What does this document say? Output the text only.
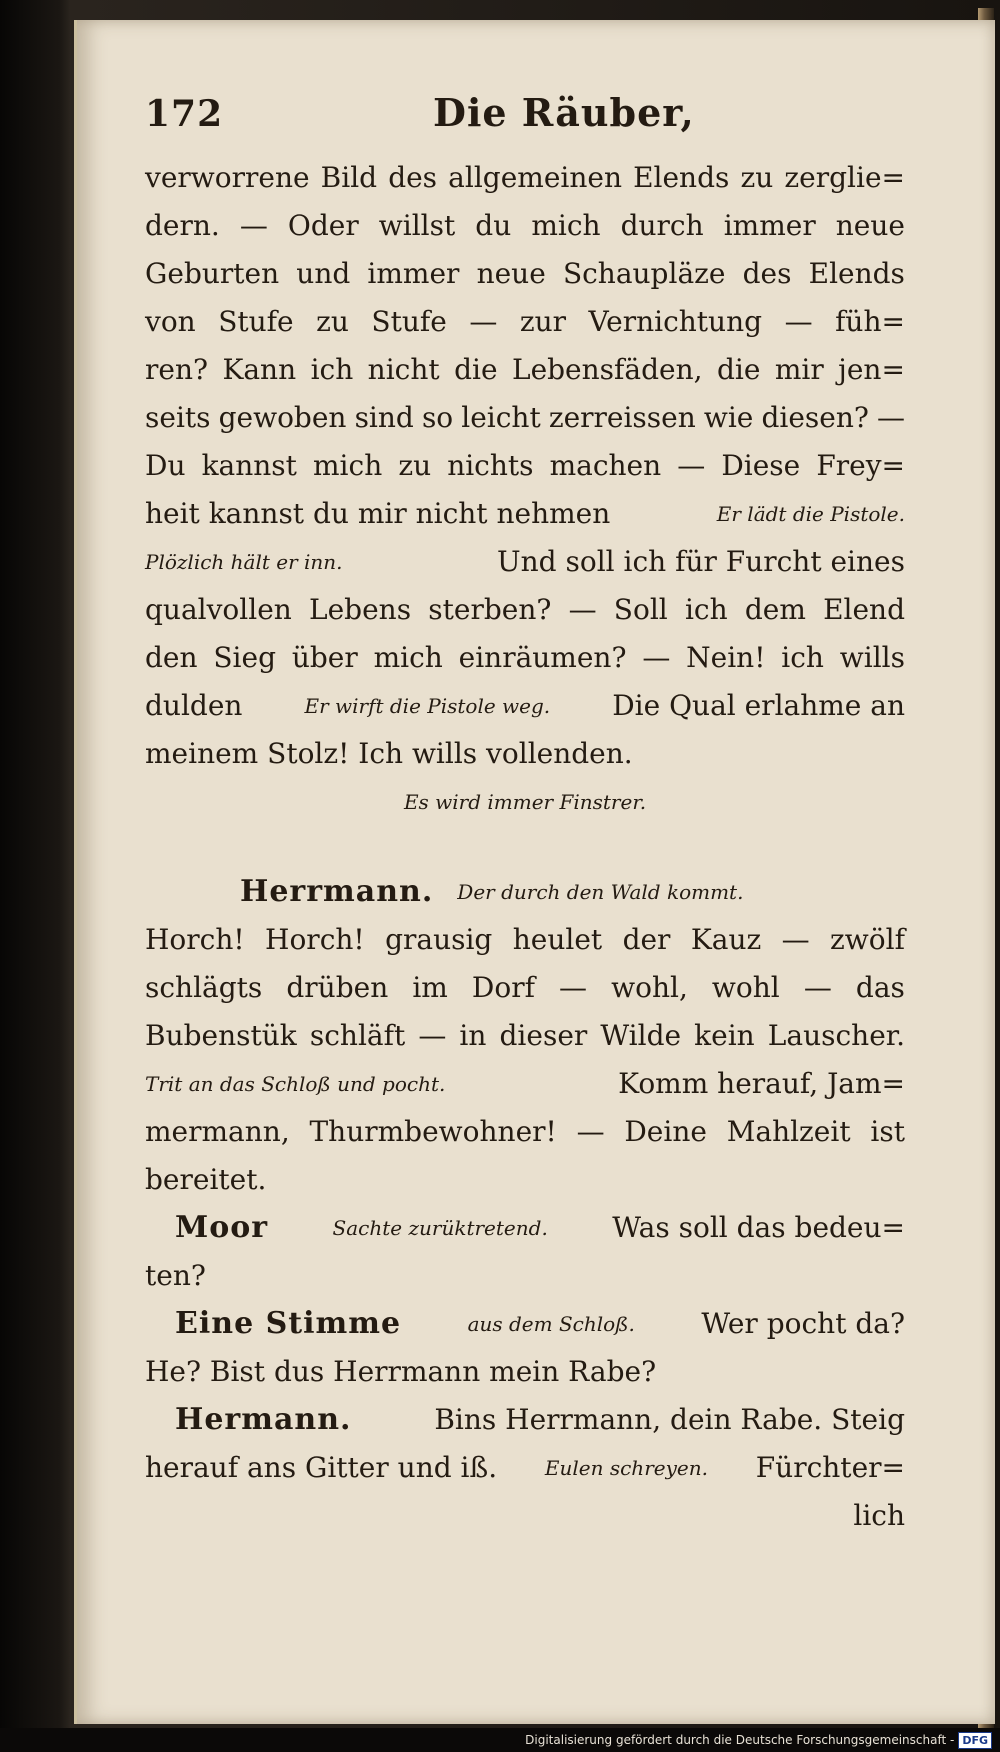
172	Die Räuber,
verworrene Bild des allgemeinen Elends zu zerglie=
dern. — Oder willst du mich durch immer neue
Geburten und immer neue Schaupläze des Elends
von Stufe zu Stufe — zur Vernichtung — füh=
ren? Kann ich nicht die Lebensfäden, die mir jen=
seits gewoben sind so leicht zerreissen wie diesen? —
Du kannst mich zu nichts machen — Diese Frey=
heit kannst du mir nicht nehmen	Er lädt die Pistole.
Plözlich hält er inn.	Und soll ich für Furcht eines
qualvollen Lebens sterben? — Soll ich dem Elend
den Sieg über mich einräumen? — Nein! ich wills
dulden	Er wirft die Pistole weg. Die Qual erlahme an
meinem Stolz! Ich wills vollenden.
Es wird immer Finstrer.
Herrmann. Der durch den Wald kommt.
Horch! Horch! grausig heulet der Kauz — zwölf
schlägts drüben im Dorf — wohl, wohl — das
Bubenstük schläft — in dieser Wilde kein Lauscher.
Trit an das Schloß und pocht.	Komm herauf, Jam=
mermann, Thurmbewohner! — Deine Mahlzeit ist
bereitet.
Moor	Sachte zurüktretend. Was soll das bedeu=
ten?
Eine Stimme	aus dem Schloß. Wer pocht da?
He? Bist dus Herrmann mein Rabe?
Hermann.	Bins Herrmann, dein Rabe. Steig
herauf ans Gitter und iß. Eulen schreyen. Fürchter=
lich
Digitalisierung gefördert durch die Deutsche Forschungsgemeinschaft - DFG
